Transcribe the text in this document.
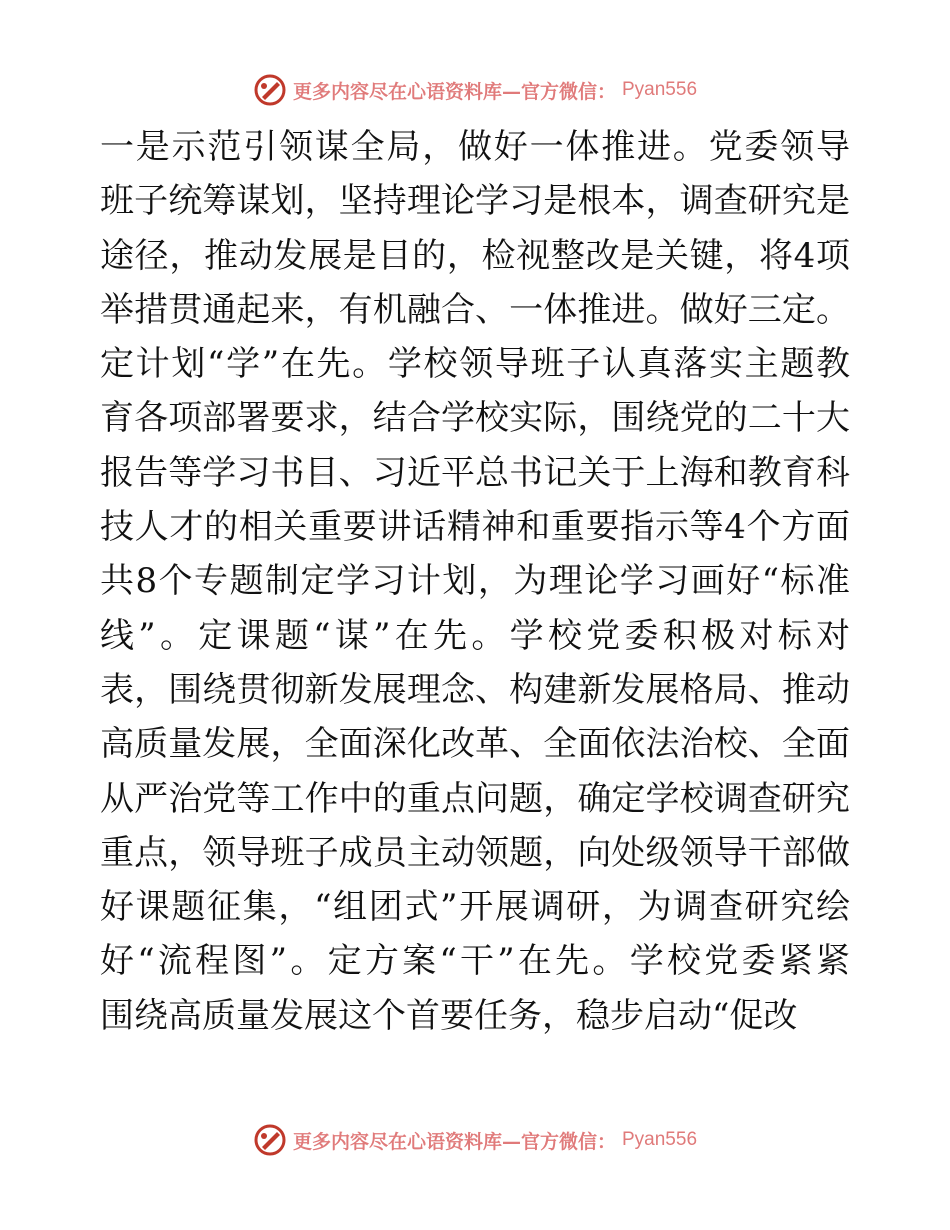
更多内容尽在心语资料库—官方微信： Pyan556
一是示范引领谋全局，做好一体推进。党委领导
班子统筹谋划，坚持理论学习是根本，调查研究是
途径，推动发展是目的，检视整改是关键，将4项
举措贯通起来，有机融合、一体推进。做好三定。
定计划“学”在先。学校领导班子认真落实主题教
育各项部署要求，结合学校实际，围绕党的二十大
报告等学习书目、习近平总书记关于上海和教育科
技人才的相关重要讲话精神和重要指示等4个方面
共8个专题制定学习计划，为理论学习画好“标准
线”。定课题“谋”在先。学校党委积极对标对
表，围绕贯彻新发展理念、构建新发展格局、推动
高质量发展，全面深化改革、全面依法治校、全面
从严治党等工作中的重点问题，确定学校调查研究
重点，领导班子成员主动领题，向处级领导干部做
好课题征集，“组团式”开展调研，为调查研究绘
好“流程图”。定方案“干”在先。学校党委紧紧
围绕高质量发展这个首要任务，稳步启动“促改
更多内容尽在心语资料库—官方微信： Pyan556
